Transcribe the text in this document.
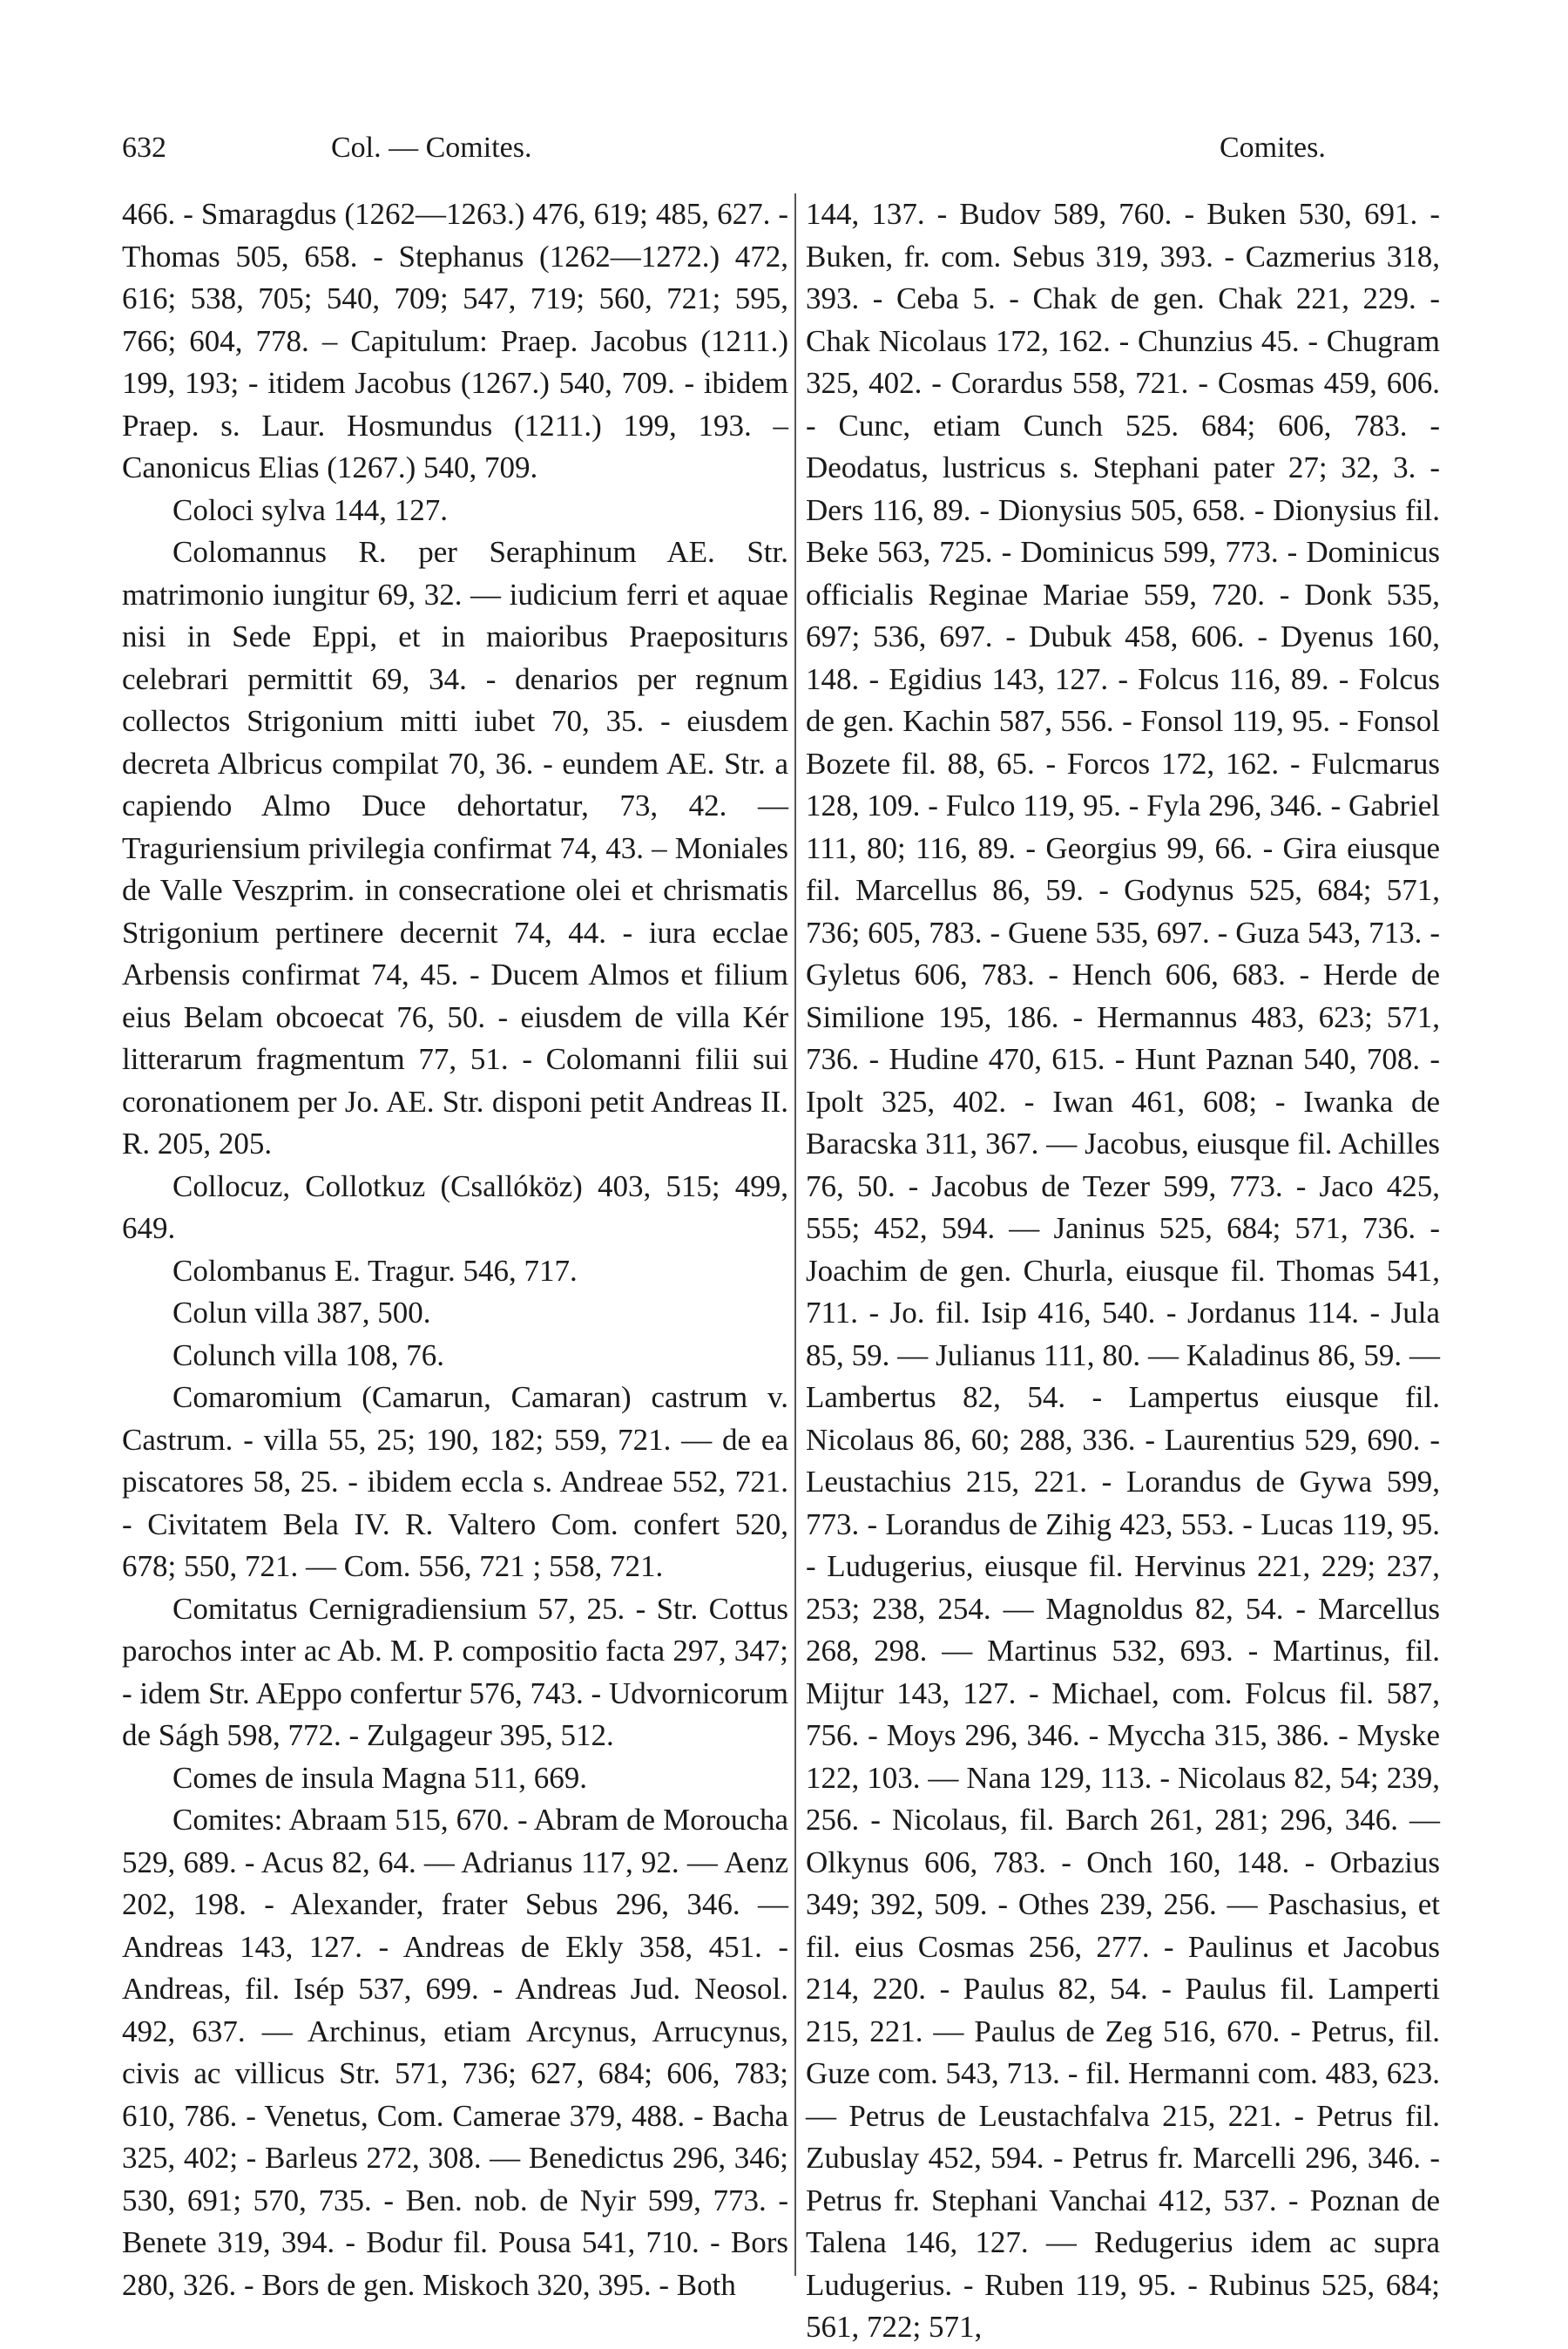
632	Col. — Comites.	Comites.

466. - Smaragdus (1262—1263.) 476, 619; 485, 627. - Thomas 505, 658. - Stephanus (1262—1272.) 472, 616; 538, 705; 540, 709; 547, 719; 560, 721; 595, 766; 604, 778. – Capitulum: Praep. Jacobus (1211.) 199, 193; - itidem Jacobus (1267.) 540, 709. - ibidem Praep. s. Laur. Hosmundus (1211.) 199, 193. – Canonicus Elias (1267.) 540, 709.

Coloci sylva 144, 127.

Colomannus R. per Seraphinum AE. Str. matrimonio iungitur 69, 32. — iudicium ferri et aquae nisi in Sede Eppi, et in maioribus Praepositurıs celebrari permittit 69, 34. - denarios per regnum collectos Strigonium mitti iubet 70, 35. - eiusdem decreta Albricus compilat 70, 36. - eundem AE. Str. a capiendo Almo Duce dehortatur, 73, 42. — Traguriensium privilegia confirmat 74, 43. – Moniales de Valle Veszprim. in consecratione olei et chrismatis Strigonium pertinere decernit 74, 44. - iura ecclae Arbensis confirmat 74, 45. - Ducem Almos et filium eius Belam obcoecat 76, 50. - eiusdem de villa Kér litterarum fragmentum 77, 51. - Colomanni filii sui coronationem per Jo. AE. Str. disponi petit Andreas II. R. 205, 205.

Collocuz, Collotkuz (Csallóköz) 403, 515; 499, 649.

Colombanus E. Tragur. 546, 717.

Colun villa 387, 500.

Colunch villa 108, 76.

Comaromium (Camarun, Camaran) castrum v. Castrum. - villa 55, 25; 190, 182; 559, 721. — de ea piscatores 58, 25. - ibidem eccla s. Andreae 552, 721. - Civitatem Bela IV. R. Valtero Com. confert 520, 678; 550, 721. — Com. 556, 721 ; 558, 721.

Comitatus Cernigradiensium 57, 25. - Str. Cottus parochos inter ac Ab. M. P. compositio facta 297, 347; - idem Str. AEppo confertur 576, 743. - Udvornicorum de Ságh 598, 772. - Zulgageur 395, 512.

Comes de insula Magna 511, 669.

Comites: Abraam 515, 670. - Abram de Moroucha 529, 689. - Acus 82, 64. — Adrianus 117, 92. — Aenz 202, 198. - Alexander, frater Sebus 296, 346. — Andreas 143, 127. - Andreas de Ekly 358, 451. - Andreas, fil. Isép 537, 699. - Andreas Jud. Neosol. 492, 637. — Archinus, etiam Arcynus, Arrucynus, civis ac villicus Str. 571, 736; 627, 684; 606, 783; 610, 786. - Venetus, Com. Camerae 379, 488. - Bacha 325, 402; - Barleus 272, 308. — Benedictus 296, 346; 530, 691; 570, 735. - Ben. nob. de Nyir 599, 773. - Benete 319, 394. - Bodur fil. Pousa 541, 710. - Bors 280, 326. - Bors de gen. Miskoch 320, 395. - Both

144, 137. - Budov 589, 760. - Buken 530, 691. - Buken, fr. com. Sebus 319, 393. - Cazmerius 318, 393. - Ceba 5. - Chak de gen. Chak 221, 229. - Chak Nicolaus 172, 162. - Chunzius 45. - Chugram 325, 402. - Corardus 558, 721. - Cosmas 459, 606. - Cunc, etiam Cunch 525. 684; 606, 783. - Deodatus, lustricus s. Stephani pater 27; 32, 3. - Ders 116, 89. - Dionysius 505, 658. - Dionysius fil. Beke 563, 725. - Dominicus 599, 773. - Dominicus officialis Reginae Mariae 559, 720. - Donk 535, 697; 536, 697. - Dubuk 458, 606. - Dyenus 160, 148. - Egidius 143, 127. - Folcus 116, 89. - Folcus de gen. Kachin 587, 556. - Fonsol 119, 95. - Fonsol Bozete fil. 88, 65. - Forcos 172, 162. - Fulcmarus 128, 109. - Fulco 119, 95. - Fyla 296, 346. - Gabriel 111, 80; 116, 89. - Georgius 99, 66. - Gira eiusque fil. Marcellus 86, 59. - Godynus 525, 684; 571, 736; 605, 783. - Guene 535, 697. - Guza 543, 713. - Gyletus 606, 783. - Hench 606, 683. - Herde de Similione 195, 186. - Hermannus 483, 623; 571, 736. - Hudine 470, 615. - Hunt Paznan 540, 708. - Ipolt 325, 402. - Iwan 461, 608; - Iwanka de Baracska 311, 367. — Jacobus, eiusque fil. Achilles 76, 50. - Jacobus de Tezer 599, 773. - Jaco 425, 555; 452, 594. — Janinus 525, 684; 571, 736. - Joachim de gen. Churla, eiusque fil. Thomas 541, 711. - Jo. fil. Isip 416, 540. - Jordanus 114. - Jula 85, 59. — Julianus 111, 80. — Kaladinus 86, 59. — Lambertus 82, 54. - Lampertus eiusque fil. Nicolaus 86, 60; 288, 336. - Laurentius 529, 690. - Leustachius 215, 221. - Lorandus de Gywa 599, 773. - Lorandus de Zihig 423, 553. - Lucas 119, 95. - Ludugerius, eiusque fil. Hervinus 221, 229; 237, 253; 238, 254. — Magnoldus 82, 54. - Marcellus 268, 298. — Martinus 532, 693. - Martinus, fil. Mijtur 143, 127. - Michael, com. Folcus fil. 587, 756. - Moys 296, 346. - Myccha 315, 386. - Myske 122, 103. — Nana 129, 113. - Nicolaus 82, 54; 239, 256. - Nicolaus, fil. Barch 261, 281; 296, 346. — Olkynus 606, 783. - Onch 160, 148. - Orbazius 349; 392, 509. - Othes 239, 256. — Paschasius, et fil. eius Cosmas 256, 277. - Paulinus et Jacobus 214, 220. - Paulus 82, 54. - Paulus fil. Lamperti 215, 221. — Paulus de Zeg 516, 670. - Petrus, fil. Guze com. 543, 713. - fil. Hermanni com. 483, 623. — Petrus de Leustachfalva 215, 221. - Petrus fil. Zubuslay 452, 594. - Petrus fr. Marcelli 296, 346. - Petrus fr. Stephani Vanchai 412, 537. - Poznan de Talena 146, 127. — Redugerius idem ac supra Ludugerius. - Ruben 119, 95. - Rubinus 525, 684; 561, 722; 571,
